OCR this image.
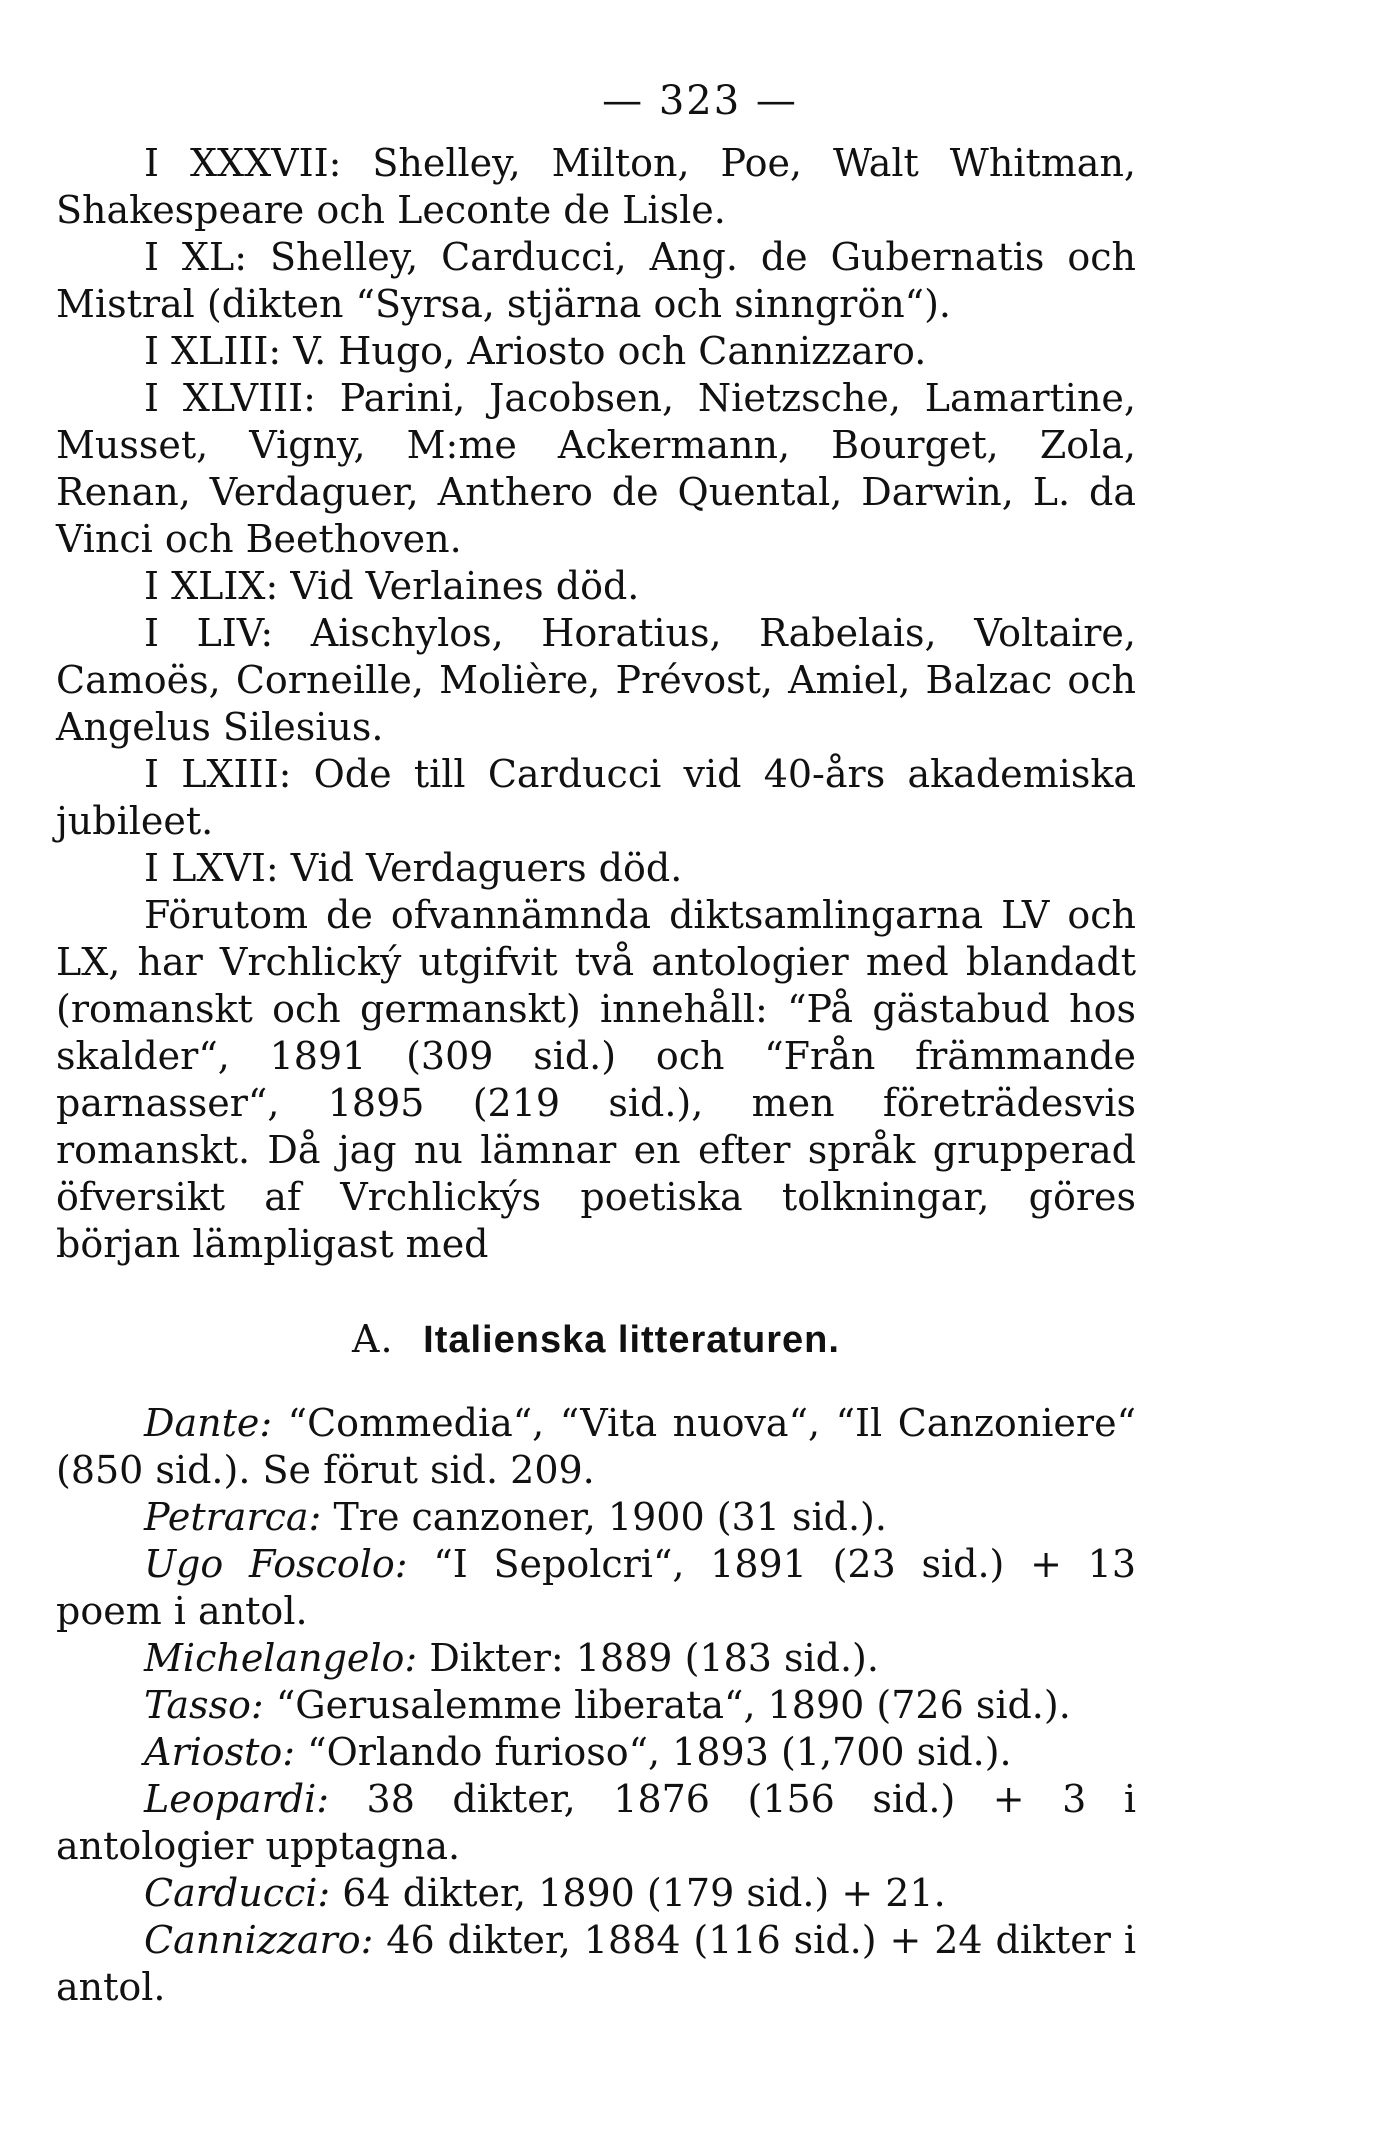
— 323 —

I XXXVII: Shelley, Milton, Poe, Walt Whitman, Shakespeare och Leconte de Lisle.

I XL: Shelley, Carducci, Ang. de Gubernatis och Mistral (dikten “Syrsa, stjärna och sinngrön“).

I XLIII: V. Hugo, Ariosto och Cannizzaro.

I XLVIII: Parini, Jacobsen, Nietzsche, Lamartine, Musset, Vigny, M:me Ackermann, Bourget, Zola, Renan, Verdaguer, Anthero de Quental, Darwin, L. da Vinci och Beethoven.

I XLIX: Vid Verlaines död.

I LIV: Aischylos, Horatius, Rabelais, Voltaire, Camoës, Corneille, Molière, Prévost, Amiel, Balzac och Angelus Silesius.

I LXIII: Ode till Carducci vid 40-års akademiska jubileet.

I LXVI: Vid Verdaguers död.

Förutom de ofvannämnda diktsamlingarna LV och LX, har Vrchlický utgifvit två antologier med blandadt (romanskt och germanskt) innehåll: “På gästabud hos skalder“, 1891 (309 sid.) och “Från främmande parnasser“, 1895 (219 sid.), men företrädesvis romanskt. Då jag nu lämnar en efter språk grupperad öfversikt af Vrchlickýs poetiska tolkningar, göres början lämpligast med

A. Italienska litteraturen.

Dante: “Commedia“, “Vita nuova“, “Il Canzoniere“ (850 sid.). Se förut sid. 209.

Petrarca: Tre canzoner, 1900 (31 sid.).

Ugo Foscolo: “I Sepolcri“, 1891 (23 sid.) + 13 poem i antol.

Michelangelo: Dikter: 1889 (183 sid.).

Tasso: “Gerusalemme liberata“, 1890 (726 sid.).

Ariosto: “Orlando furioso“, 1893 (1,700 sid.).

Leopardi: 38 dikter, 1876 (156 sid.) + 3 i antologier upptagna.

Carducci: 64 dikter, 1890 (179 sid.) + 21.

Cannizzaro: 46 dikter, 1884 (116 sid.) + 24 dikter i antol.
